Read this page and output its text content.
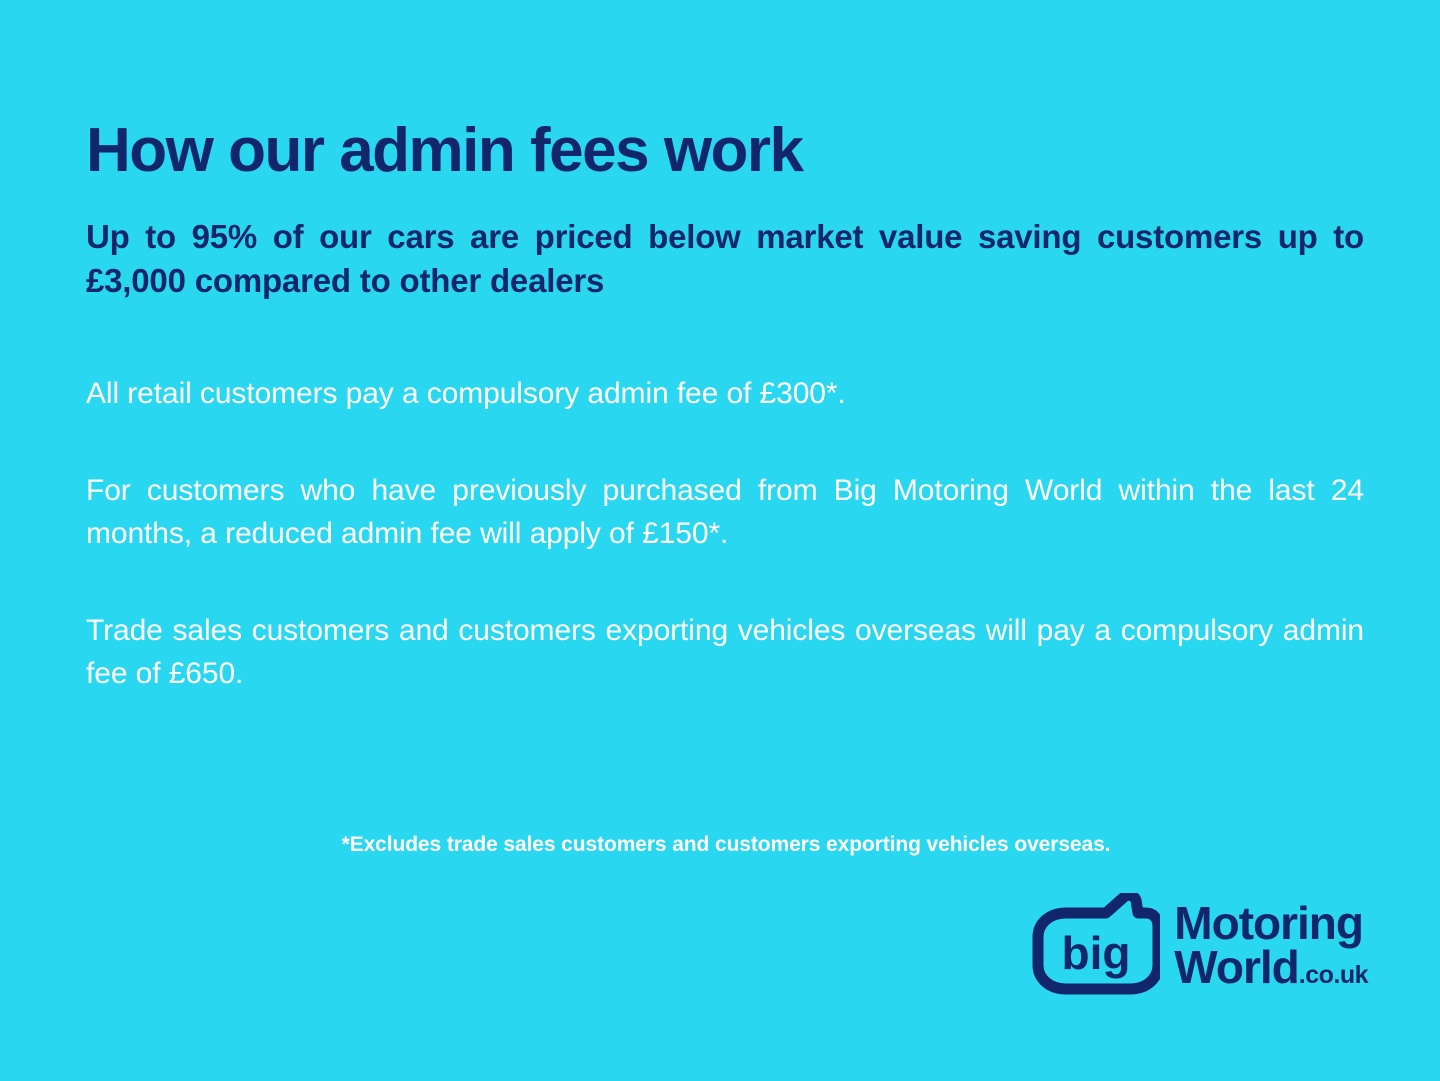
How our admin fees work

Up to 95% of our cars are priced below market value saving customers up to £3,000 compared to other dealers

All retail customers pay a compulsory admin fee of £300*.

For customers who have previously purchased from Big Motoring World within the last 24 months, a reduced admin fee will apply of £150*.

Trade sales customers and customers exporting vehicles overseas will pay a compulsory admin fee of £650.

*Excludes trade sales customers and customers exporting vehicles overseas.
big
Motoring
World.co.uk
